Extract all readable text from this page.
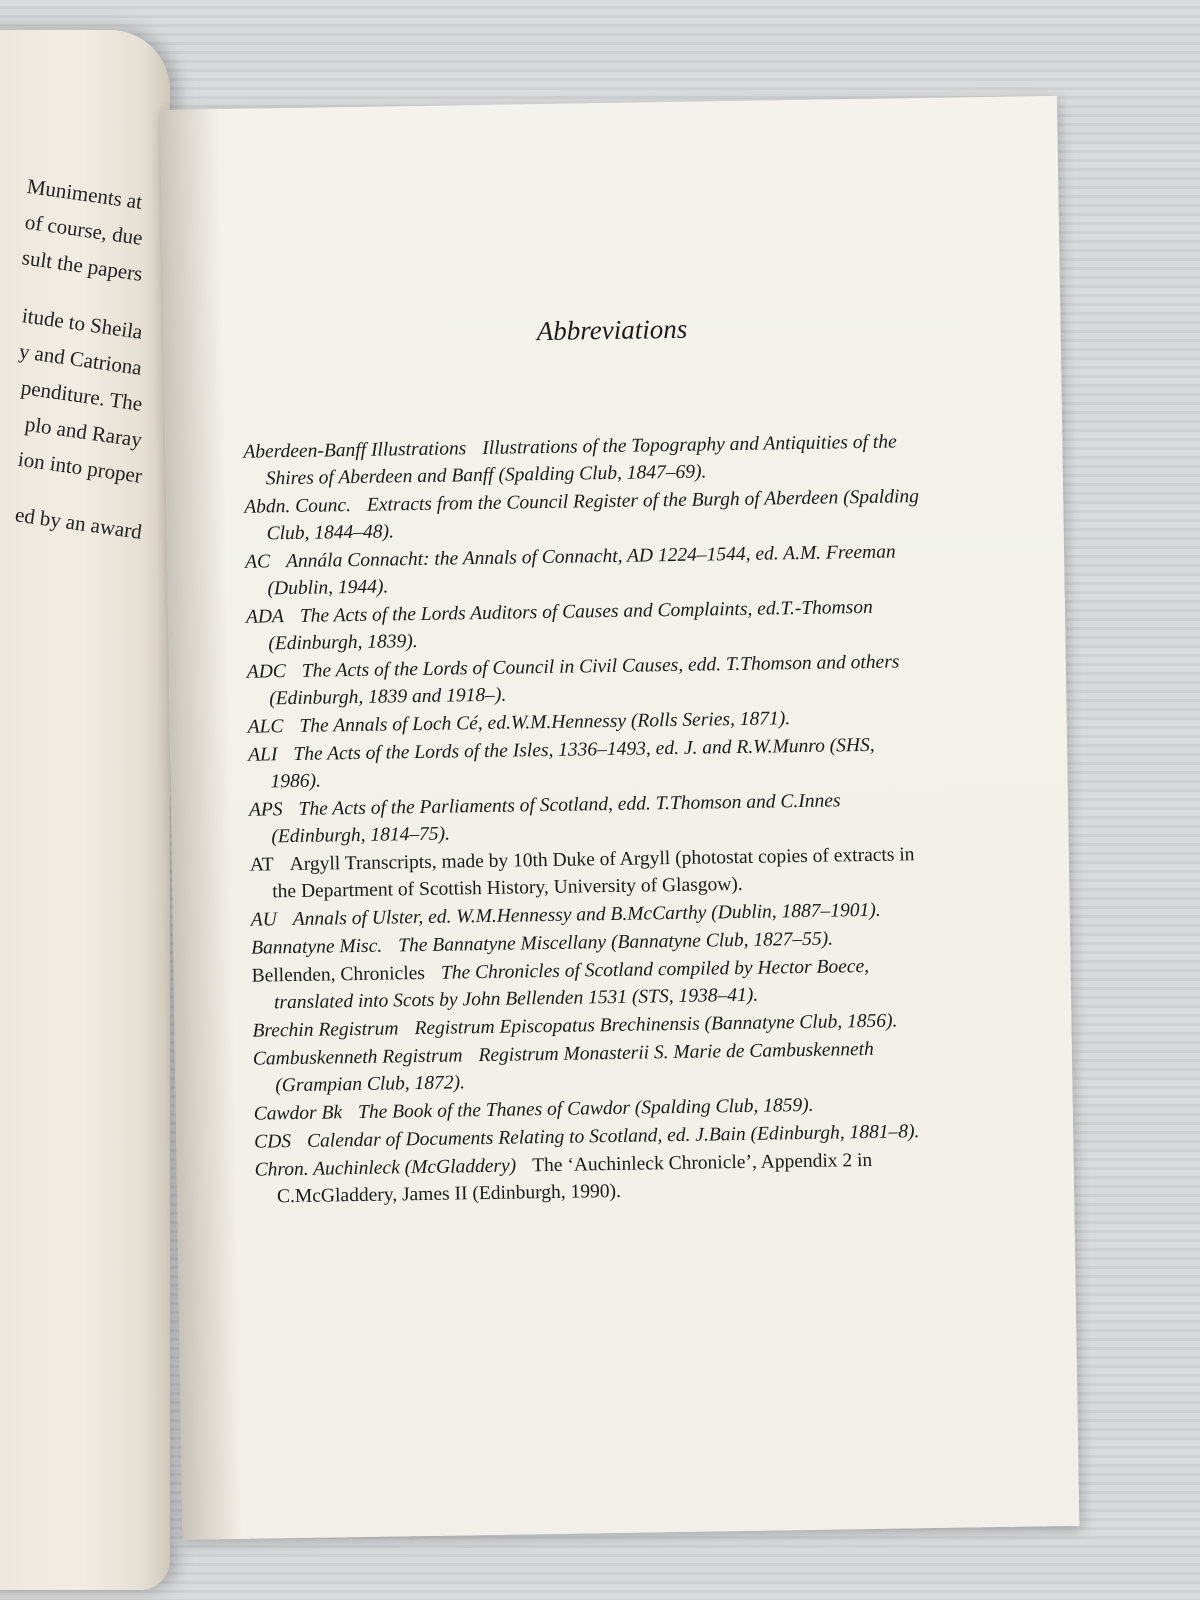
Muniments at
of course, due
sult the papers
itude to Sheila
y and Catriona
penditure. The
plo and Raray
ion into proper
ed by an award
Abbreviations
Aberdeen-Banff Illustrations Illustrations of the Topography and Antiquities of the Shires of Aberdeen and Banff (Spalding Club, 1847–69).
Abdn. Counc. Extracts from the Council Register of the Burgh of Aberdeen (Spalding Club, 1844–48).
AC Annála Connacht: the Annals of Connacht, AD 1224–1544, ed. A.M. Freeman (Dublin, 1944).
ADA The Acts of the Lords Auditors of Causes and Complaints, ed.T.-Thomson (Edinburgh, 1839).
ADC The Acts of the Lords of Council in Civil Causes, edd. T.Thomson and others (Edinburgh, 1839 and 1918–).
ALC The Annals of Loch Cé, ed.W.M.Hennessy (Rolls Series, 1871).
ALI The Acts of the Lords of the Isles, 1336–1493, ed. J. and R.W.Munro (SHS, 1986).
APS The Acts of the Parliaments of Scotland, edd. T.Thomson and C.Innes (Edinburgh, 1814–75).
AT Argyll Transcripts, made by 10th Duke of Argyll (photostat copies of extracts in the Department of Scottish History, University of Glasgow).
AU Annals of Ulster, ed. W.M.Hennessy and B.McCarthy (Dublin, 1887–1901).
Bannatyne Misc. The Bannatyne Miscellany (Bannatyne Club, 1827–55).
Bellenden, Chronicles The Chronicles of Scotland compiled by Hector Boece, translated into Scots by John Bellenden 1531 (STS, 1938–41).
Brechin Registrum Registrum Episcopatus Brechinensis (Bannatyne Club, 1856).
Cambuskenneth Registrum Registrum Monasterii S. Marie de Cambuskenneth (Grampian Club, 1872).
Cawdor Bk The Book of the Thanes of Cawdor (Spalding Club, 1859).
CDS Calendar of Documents Relating to Scotland, ed. J.Bain (Edinburgh, 1881–8).
Chron. Auchinleck (McGladdery) The ‘Auchinleck Chronicle’, Appendix 2 in C.McGladdery, James II (Edinburgh, 1990).
